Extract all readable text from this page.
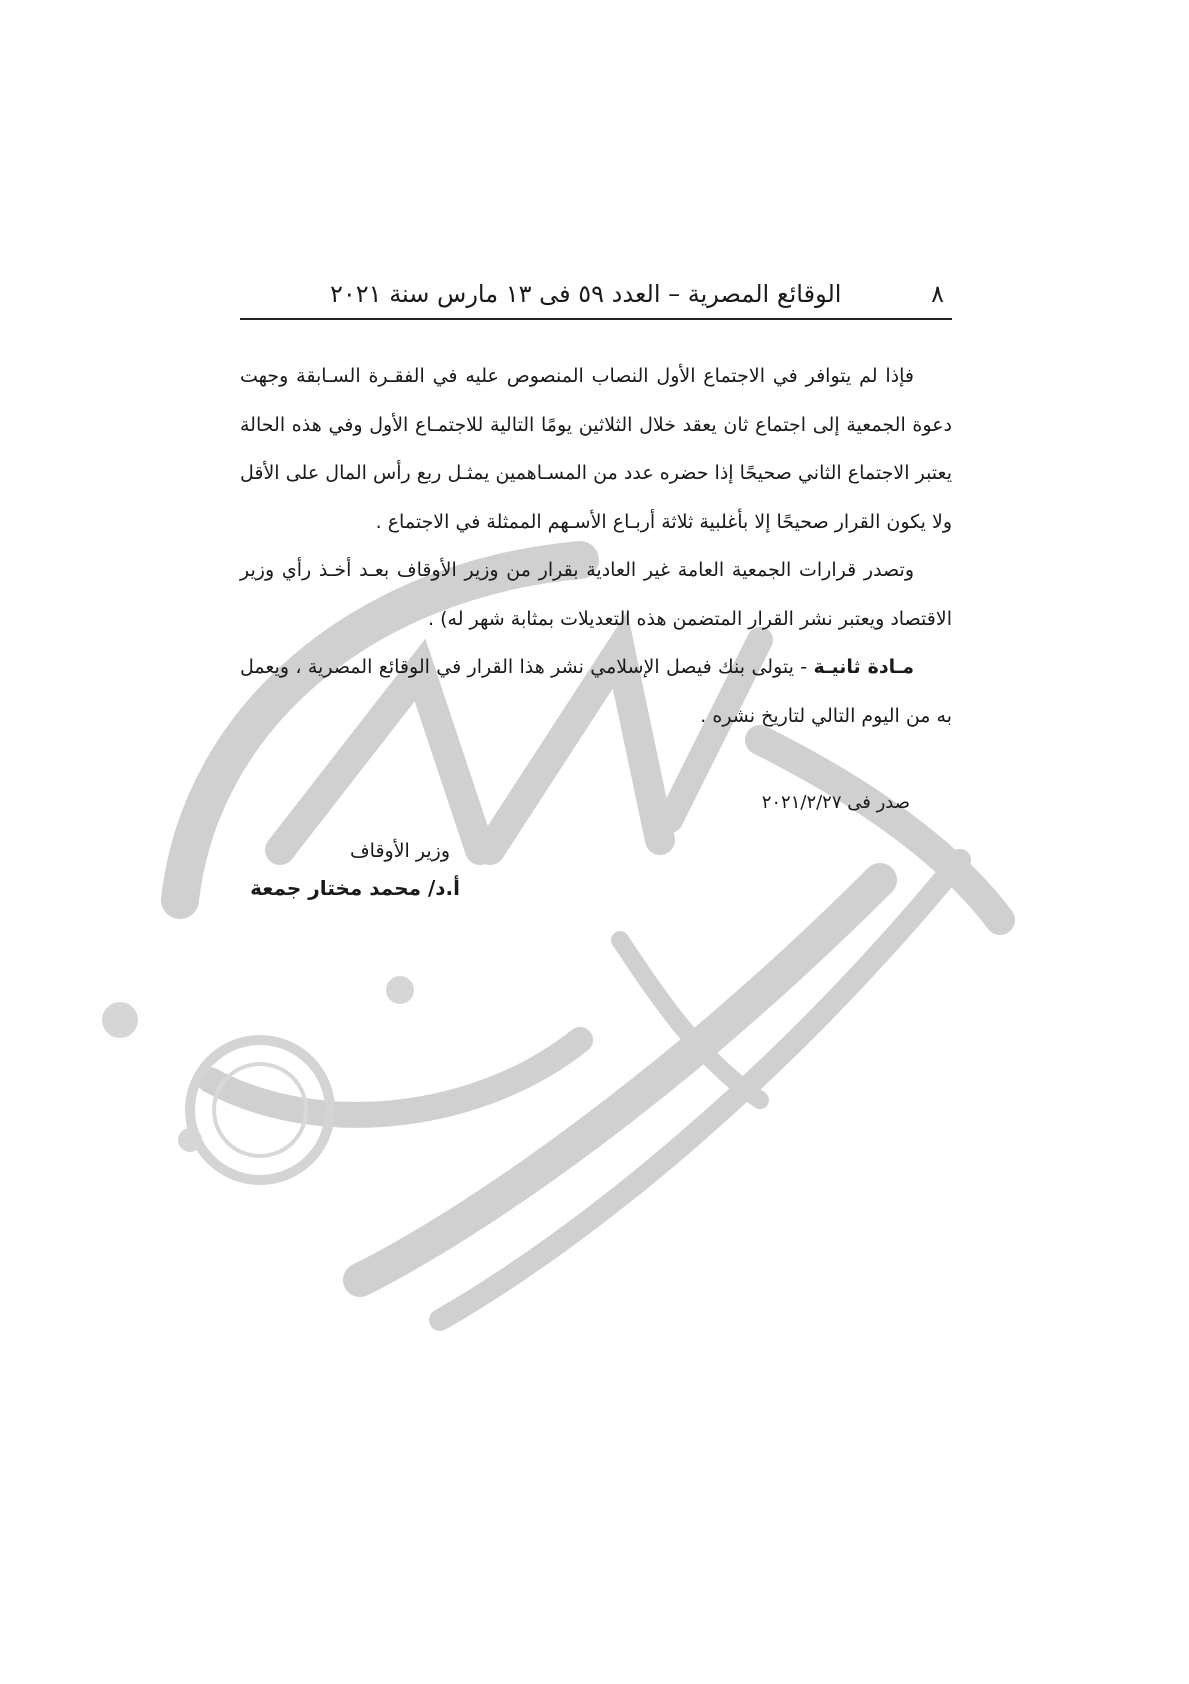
٨
الوقائع المصرية – العدد ٥٩ فى ١٣ مارس سنة ٢٠٢١

فإذا لم يتوافر في الاجتماع الأول النصاب المنصوص عليه في الفقـرة السـابقة وجهت دعوة الجمعية إلى اجتماع ثان يعقد خلال الثلاثين يومًا التالية للاجتمـاع الأول وفي هذه الحالة يعتبر الاجتماع الثاني صحيحًا إذا حضره عدد من المسـاهمين يمثـل ربع رأس المال على الأقل ولا يكون القرار صحيحًا إلا بأغلبية ثلاثة أربـاع الأسـهم الممثلة في الاجتماع .

وتصدر قرارات الجمعية العامة غير العادية بقرار من وزير الأوقاف بعـد أخـذ رأي وزير الاقتصاد ويعتبر نشر القرار المتضمن هذه التعديلات بمثابة شهر له) .

مـادة ثانيـة - يتولى بنك فيصل الإسلامي نشر هذا القرار في الوقائع المصرية ، ويعمل به من اليوم التالي لتاريخ نشره .

صدر فى ٢٠٢١/٢/٢٧

وزير الأوقاف

أ.د/ محمد مختار جمعة
